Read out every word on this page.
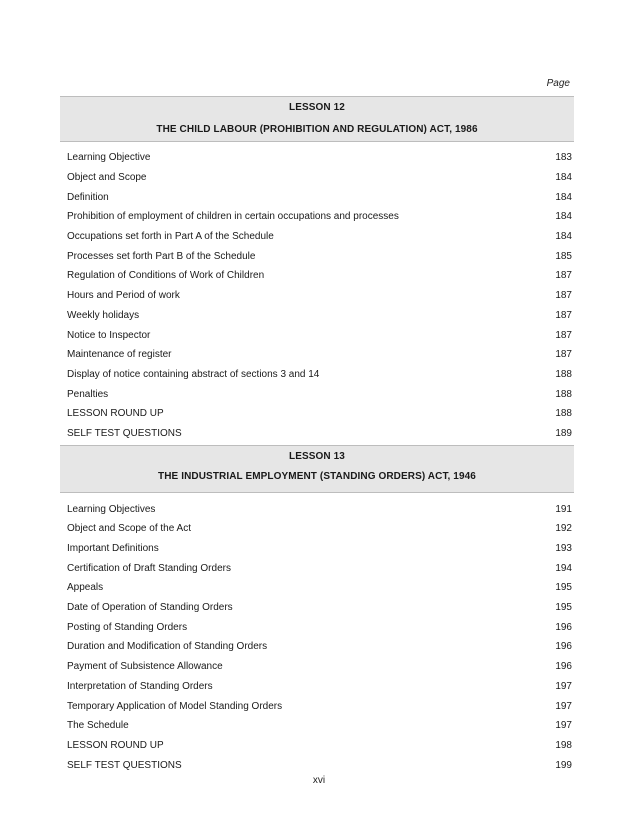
Page
LESSON 12
THE CHILD LABOUR (PROHIBITION AND REGULATION) ACT, 1986
Learning Objective	183
Object and Scope	184
Definition	184
Prohibition of employment of children in certain occupations and processes	184
Occupations set forth in Part A of the Schedule	184
Processes set forth Part B of the Schedule	185
Regulation of Conditions of Work of Children	187
Hours and Period of work	187
Weekly holidays	187
Notice to Inspector	187
Maintenance of register	187
Display of notice containing abstract of sections 3 and 14	188
Penalties	188
LESSON ROUND UP	188
SELF TEST QUESTIONS	189
LESSON 13
THE INDUSTRIAL EMPLOYMENT (STANDING ORDERS) ACT, 1946
Learning Objectives	191
Object and Scope of the Act	192
Important Definitions	193
Certification of Draft Standing Orders	194
Appeals	195
Date of Operation of Standing Orders	195
Posting of Standing Orders	196
Duration and Modification of Standing Orders	196
Payment of Subsistence Allowance	196
Interpretation of Standing Orders	197
Temporary Application of Model Standing Orders	197
The Schedule	197
LESSON ROUND UP	198
SELF TEST QUESTIONS	199
xvi
